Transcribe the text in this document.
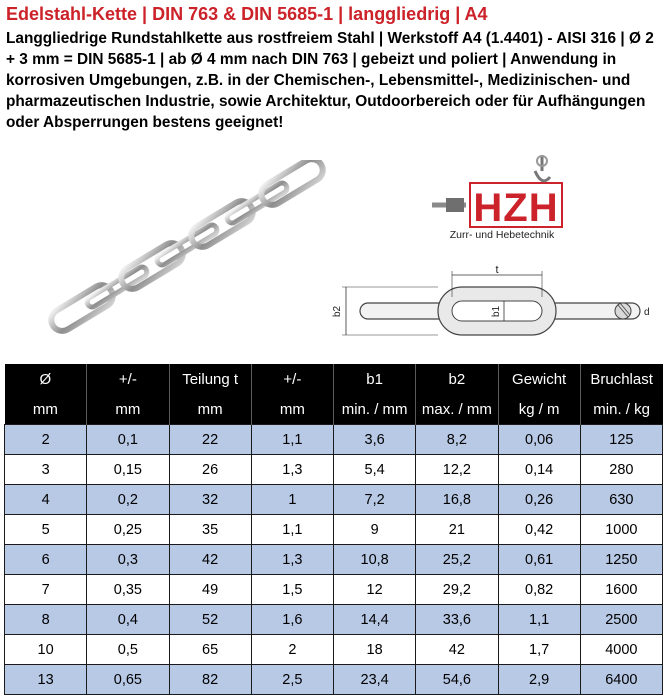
Edelstahl-Kette | DIN 763 & DIN 5685-1 | langgliedrig | A4

Langgliedrige Rundstahlkette aus rostfreiem Stahl | Werkstoff A4 (1.4401) - AISI 316 | Ø 2 + 3 mm = DIN 5685-1 | ab Ø 4 mm nach DIN 763 | gebeizt und poliert | Anwendung in korrosiven Umgebungen, z.B. in der Chemischen-, Lebensmittel-, Medizinischen- und pharmazeutischen Industrie, sowie Architektur, Outdoorbereich oder für Aufhängungen oder Absperrungen bestens geeignet!

HZH
Zurr- und Hebetechnik
t
b2	b1	d
Ø	+/-	Teilung t	+/-	b1	b2	Gewicht	Bruchlast
mm	mm	mm	mm	min. / mm	max. / mm	kg / m	min. / kg
2	0,1	22	1,1	3,6	8,2	0,06	125
3	0,15	26	1,3	5,4	12,2	0,14	280
4	0,2	32	1	7,2	16,8	0,26	630
5	0,25	35	1,1	9	21	0,42	1000
6	0,3	42	1,3	10,8	25,2	0,61	1250
7	0,35	49	1,5	12	29,2	0,82	1600
8	0,4	52	1,6	14,4	33,6	1,1	2500
10	0,5	65	2	18	42	1,7	4000
13	0,65	82	2,5	23,4	54,6	2,9	6400
